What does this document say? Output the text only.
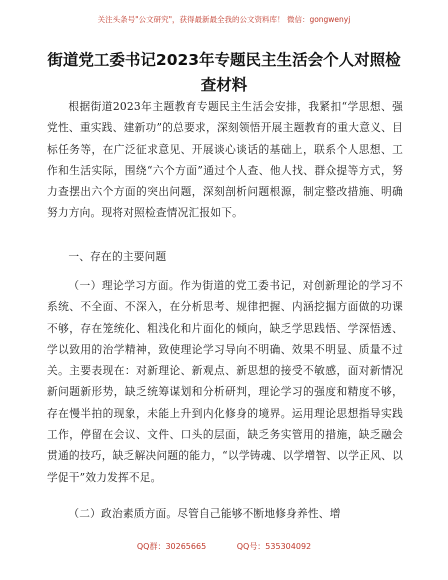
关注头条号"公文研究"，获得最新最全我的公文资料库！ 微信：gongwenyj
街道党工委书记2023年专题民主生活会个人对照检查材料
根据街道2023年主题教育专题民主生活会安排，我紧扣“学思想、强党性、重实践、建新功”的总要求，深刻领悟开展主题教育的重大意义、目标任务等，在广泛征求意见、开展谈心谈话的基础上，联系个人思想、工作和生活实际，围绕“六个方面”通过个人查、他人找、群众提等方式，努力查摆出六个方面的突出问题，深刻剖析问题根源，制定整改措施、明确努力方向。现将对照检查情况汇报如下。
一、存在的主要问题
（一）理论学习方面。作为街道的党工委书记，对创新理论的学习不系统、不全面、不深入，在分析思考、规律把握、内涵挖掘方面做的功课不够，存在笼统化、粗浅化和片面化的倾向，缺乏学思践悟、学深悟透、学以致用的治学精神，致使理论学习导向不明确、效果不明显、质量不过关。主要表现在：对新理论、新观点、新思想的接受不敏感，面对新情况新问题新形势，缺乏统筹谋划和分析研判，理论学习的强度和精度不够，存在慢半拍的现象，未能上升到内化修身的境界。运用理论思想指导实践工作，停留在会议、文件、口头的层面，缺乏务实管用的措施，缺乏融会贯通的技巧，缺乏解决问题的能力，“以学铸魂、以学增智、以学正风、以学促干”效力发挥不足。
（二）政治素质方面。尽管自己能够不断地修身养性、增
QQ群：30265665	QQ号：535304092
